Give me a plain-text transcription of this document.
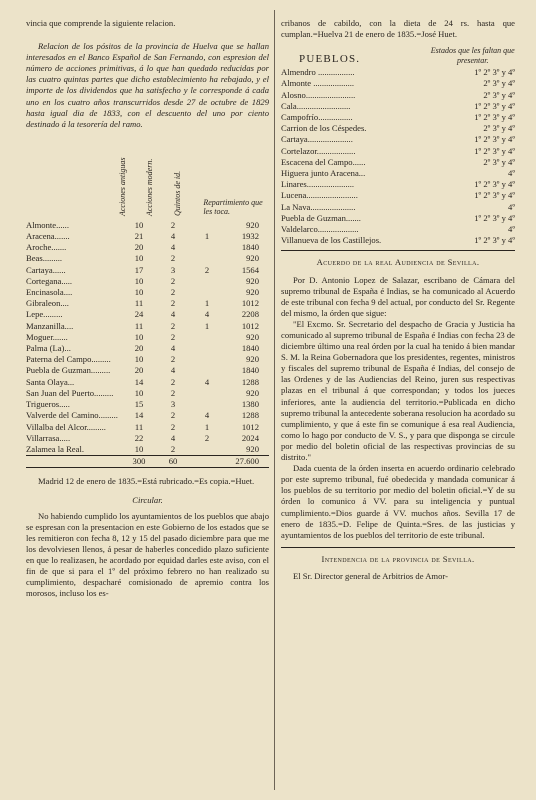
vincia que comprende la siguiente relacion.

Relacion de los pósitos de la provincia de Huelva que se hallan interesados en el Banco Español de San Fernando, con espresion del número de acciones primitivas, á lo que han quedado reducidas por las cuatro quintas partes que dicho establecimiento ha rebajado, y el importe de los dividendos que ha satisfecho y le corresponde á cada uno en los cuatro años transcurridos desde 27 de octubre de 1829 hasta igual dia de 1833, con el descuento del uno por ciento destinado á la tesorería del ramo.

Acciones antiguas	Acciones modern.	Quintos de id.	Repartimiento que les toca.
Almonte......	10	2		920
Aracena.......	21	4	1	1932
Aroche.......	20	4		1840
Beas.........	10	2		920
Cartaya......	17	3	2	1564
Cortegana.....	10	2		920
Encinasola....	10	2		920
Gibraleon....	11	2	1	1012
Lepe.........	24	4	4	2208
Manzanilla....	11	2	1	1012
Moguer.......	10	2		920
Palma (La)...	20	4		1840
Paterna del Campo.........	10	2		920
Puebla de Guzman.........	20	4		1840
Santa Olaya...	14	2	4	1288
San Juan del Puerto.........	10	2		920
Trigueros.....	15	3		1380
Valverde del Camino.........	14	2	4	1288
Villalba del Alcor.........	11	2	1	1012
Villarrasa.....	22	4	2	2024
Zalamea la Real.	10	2		920
	300	60		27.600

Madrid 12 de enero de 1835.=Está rubricado.=Es copia.=Huet.

Circular.

No habiendo cumplido los ayuntamientos de los pueblos que abajo se espresan con la presentacion en este Gobierno de los estados que se les remitieron con fecha 8, 12 y 15 del pasado diciembre para que me los devolviesen llenos, á pesar de haberles concedido plazo suficiente en que lo realizasen, he acordado por equidad darles este aviso, con el fin de que si para el 1º del próximo febrero no han realizado su cumplimiento, despacharé comisionado de apremio contra los morosos, incluso los es-

cribanos de cabildo, con la dieta de 24 rs. hasta que cumplan.=Huelva 21 de enero de 1835.=José Huet.

PUEBLOS.
Estados que les faltan que presentar.
Almendro .................	1º 2º 3º y 4º
Almonte ...................	2º 3º y 4º
Alosno.......................	2º 3º y 4º
Cala.........................	1º 2º 3º y 4º
Campofrío................	1º 2º 3º y 4º
Carrion de los Céspedes.	2º 3º y 4º
Cartaya.....................	1º 2º 3º y 4º
Cortelazor..................	1º 2º 3º y 4º
Escacena del Campo......	2º 3º y 4º
Higuera junto Aracena...	4º
Linares......................	1º 2º 3º y 4º
Lucena........................	1º 2º 3º y 4º
La Nava.....................	4º
Puebla de Guzman.......	1º 2º 3º y 4º
Valdelarco...................	4º
Villanueva de los Castillejos.	1º 2º 3º y 4º

Acuerdo de la real Audiencia de Sevilla.

Por D. Antonio Lopez de Salazar, escribano de Cámara del supremo tribunal de España é Indias, se ha comunicado al Acuerdo de este tribunal con fecha 9 del actual, por conducto del Sr. Regente del mismo, la órden que sigue:

"El Excmo. Sr. Secretario del despacho de Gracia y Justicia ha comunicado al supremo tribunal de España é Indias con fecha 23 de diciembre último una real órden por la cual ha tenido á bien mandar S. M. la Reina Gobernadora que los presidentes, regentes, ministros y fiscales del supremo tribunal de España é Indias, del consejo de las Ordenes y de las Audiencias del Reino, juren sus respectivas plazas en el tribunal á que correspondan; y todos los jueces inferiores, ante la audiencia del territorio.=Publicada en dicho supremo tribunal la antecedente soberana resolucion ha acordado su cumplimiento, y que á este fin se comunique á esa real Audiencia, como lo hago por conducto de V. S., y para que disponga se circule por medio del boletin oficial de las respectivas provincias de su distrito."

Dada cuenta de la órden inserta en acuerdo ordinario celebrado por este supremo tribunal, fué obedecida y mandada comunicar á los pueblos de su territorio por medio del boletin oficial.=Y de su órden lo comunico á VV. para su inteligencia y puntual cumplimiento.=Dios guarde á VV. muchos años. Sevilla 17 de enero de 1835.=D. Felipe de Quinta.=Sres. de las justicias y ayuntamientos de los pueblos del territorio de este tribunal.

Intendencia de la provincia de Sevilla.

El Sr. Director general de Arbitrios de Amor-
